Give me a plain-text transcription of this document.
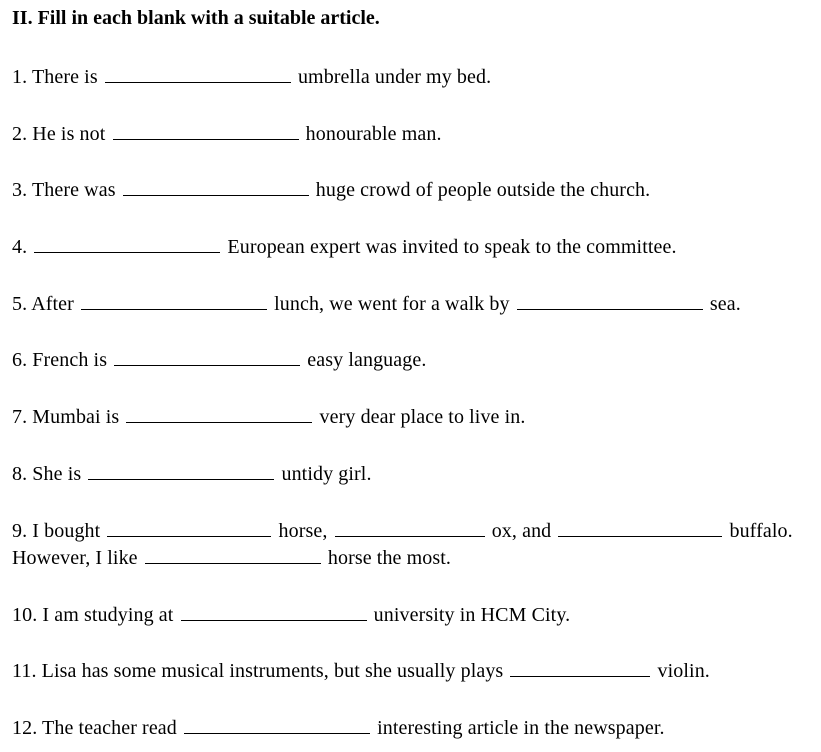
II. Fill in each blank with a suitable article.
1. There is	umbrella under my bed.
2. He is not	honourable man.
3. There was	huge crowd of people outside the church.
4.	European expert was invited to speak to the committee.
5. After	lunch, we went for a walk by	sea.
6. French is	easy language.
7. Mumbai is	very dear place to live in.
8. She is	untidy girl.
9. I bought	horse,	ox, and	buffalo.
However, I like	horse the most.
10. I am studying at	university in HCM City.
11. Lisa has some musical instruments, but she usually plays	violin.
12. The teacher read	interesting article in the newspaper.
